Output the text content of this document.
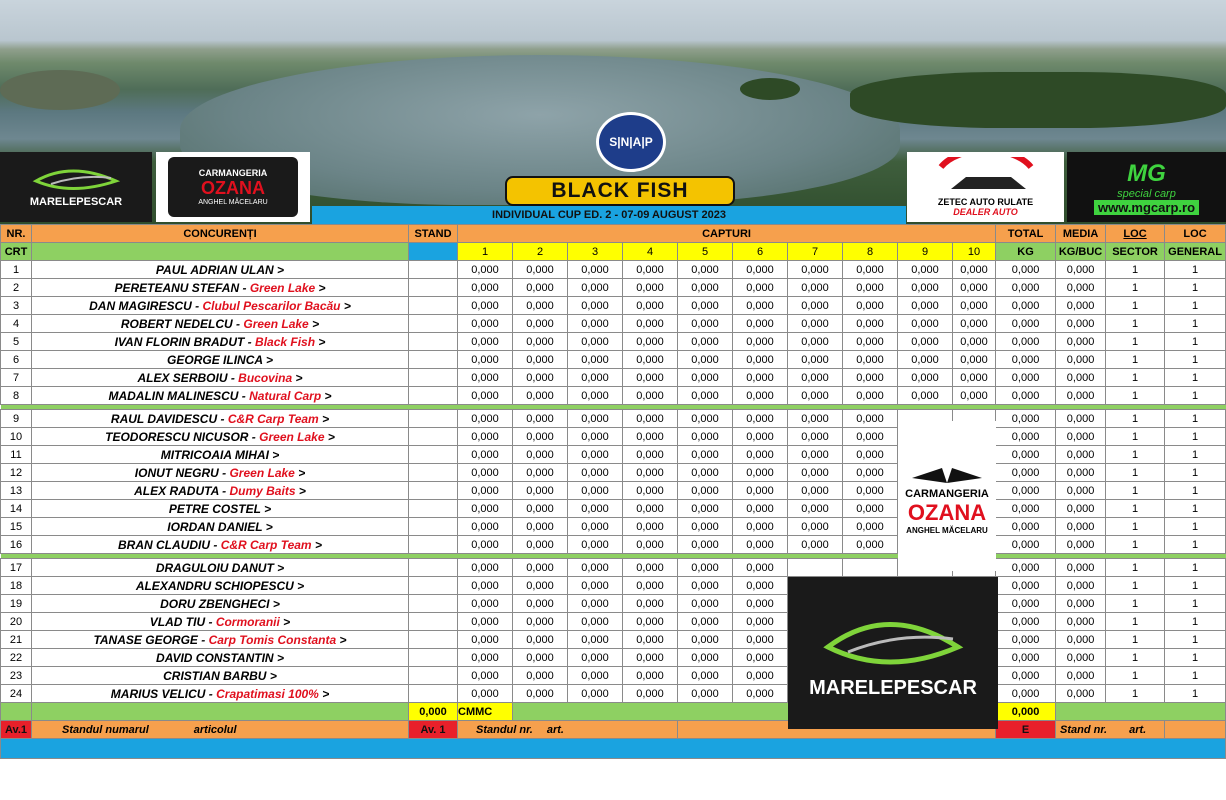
S|N|A|P
BLACK FISH
INDIVIDUAL CUP ED. 2 - 07-09 AUGUST 2023
MARELEPESCAR
CARMANGERIA
OZANA
ANGHEL MĂCELARU	ZETEC AUTO RULATE
DEALER AUTO
MG
special carp
www.mgcarp.ro
NR.	CONCURENȚI	STAND	CAPTURI										TOTAL	MEDIA	LOC	LOC
CRT			1	2	3	4	5	6	7	8	9	10	KG	KG/BUC	SECTOR	GENERAL
1	PAUL ADRIAN ULAN >		0,000	0,000	0,000	0,000	0,000	0,000	0,000	0,000	0,000	0,000	0,000	0,000	1	1
2	PERETEANU STEFAN - Green Lake >		0,000	0,000	0,000	0,000	0,000	0,000	0,000	0,000	0,000	0,000	0,000	0,000	1	1
3	DAN MAGIRESCU - Clubul Pescarilor Bacău >		0,000	0,000	0,000	0,000	0,000	0,000	0,000	0,000	0,000	0,000	0,000	0,000	1	1
4	ROBERT NEDELCU - Green Lake >		0,000	0,000	0,000	0,000	0,000	0,000	0,000	0,000	0,000	0,000	0,000	0,000	1	1
5	IVAN FLORIN BRADUT - Black Fish >		0,000	0,000	0,000	0,000	0,000	0,000	0,000	0,000	0,000	0,000	0,000	0,000	1	1
6	GEORGE ILINCA >		0,000	0,000	0,000	0,000	0,000	0,000	0,000	0,000	0,000	0,000	0,000	0,000	1	1
7	ALEX SERBOIU - Bucovina >		0,000	0,000	0,000	0,000	0,000	0,000	0,000	0,000	0,000	0,000	0,000	0,000	1	1
8	MADALIN MALINESCU - Natural Carp >		0,000	0,000	0,000	0,000	0,000	0,000	0,000	0,000	0,000	0,000	0,000	0,000	1	1

9	RAUL DAVIDESCU - C&R Carp Team >		0,000	0,000	0,000	0,000	0,000	0,000	0,000	0,000			0,000	0,000	1	1
10	TEODORESCU NICUSOR - Green Lake >		0,000	0,000	0,000	0,000	0,000	0,000	0,000	0,000			0,000	0,000	1	1
11	MITRICOAIA MIHAI >		0,000	0,000	0,000	0,000	0,000	0,000	0,000	0,000			0,000	0,000	1	1
12	IONUT NEGRU - Green Lake >		0,000	0,000	0,000	0,000	0,000	0,000	0,000	0,000			0,000	0,000	1	1
13	ALEX RADUTA - Dumy Baits >		0,000	0,000	0,000	0,000	0,000	0,000	0,000	0,000			0,000	0,000	1	1
14	PETRE COSTEL >		0,000	0,000	0,000	0,000	0,000	0,000	0,000	0,000			0,000	0,000	1	1
15	IORDAN DANIEL >		0,000	0,000	0,000	0,000	0,000	0,000	0,000	0,000			0,000	0,000	1	1
16	BRAN CLAUDIU - C&R Carp Team >		0,000	0,000	0,000	0,000	0,000	0,000	0,000	0,000			0,000	0,000	1	1

17	DRAGULOIU DANUT >		0,000	0,000	0,000	0,000	0,000	0,000					0,000	0,000	1	1
18	ALEXANDRU SCHIOPESCU >		0,000	0,000	0,000	0,000	0,000	0,000					0,000	0,000	1	1
19	DORU ZBENGHECI >		0,000	0,000	0,000	0,000	0,000	0,000					0,000	0,000	1	1
20	VLAD TIU - Cormoranii >		0,000	0,000	0,000	0,000	0,000	0,000					0,000	0,000	1	1
21	TANASE GEORGE - Carp Tomis Constanta >		0,000	0,000	0,000	0,000	0,000	0,000					0,000	0,000	1	1
22	DAVID CONSTANTIN >		0,000	0,000	0,000	0,000	0,000	0,000					0,000	0,000	1	1
23	CRISTIAN BARBU >		0,000	0,000	0,000	0,000	0,000	0,000					0,000	0,000	1	1
24	MARIUS VELICU - Crapatimasi 100% >		0,000	0,000	0,000	0,000	0,000	0,000					0,000	0,000	1	1
		0,000	CMMC										0,000			
Av.1	Standul numarul articolul	Av. 1	Standul nr. art.										E	Stand nr. art.		

CARMANGERIA
OZANA
ANGHEL MĂCELARU
MARELEPESCAR
